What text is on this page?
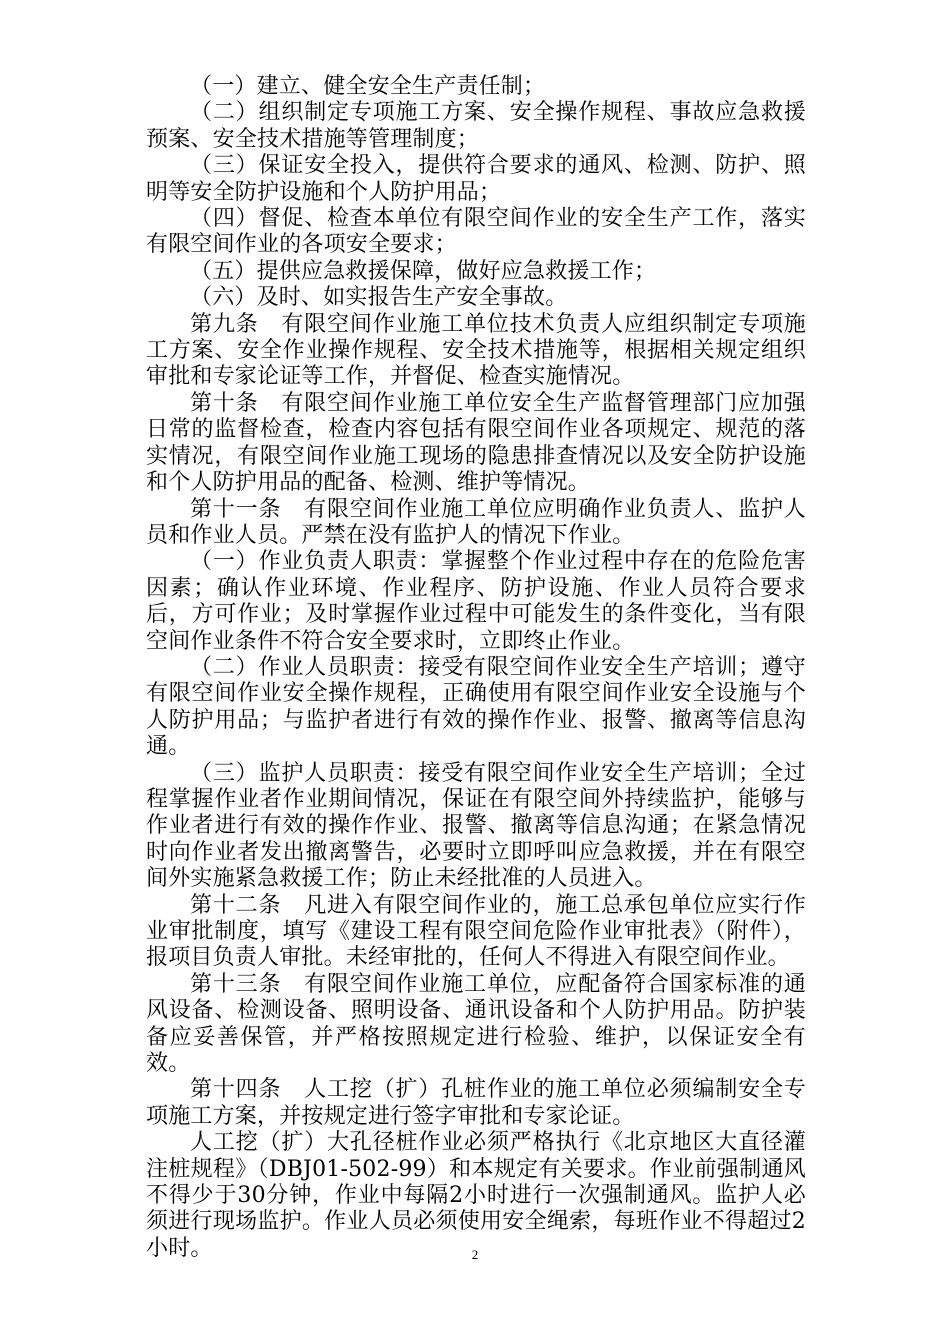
（一）建立、健全安全生产责任制；

（二）组织制定专项施工方案、安全操作规程、事故应急救援预案、安全技术措施等管理制度；

（三）保证安全投入，提供符合要求的通风、检测、防护、照明等安全防护设施和个人防护用品；

（四）督促、检查本单位有限空间作业的安全生产工作，落实有限空间作业的各项安全要求；

（五）提供应急救援保障，做好应急救援工作；

（六）及时、如实报告生产安全事故。

第九条　有限空间作业施工单位技术负责人应组织制定专项施工方案、安全作业操作规程、安全技术措施等，根据相关规定组织审批和专家论证等工作，并督促、检查实施情况。

第十条　有限空间作业施工单位安全生产监督管理部门应加强日常的监督检查，检查内容包括有限空间作业各项规定、规范的落实情况，有限空间作业施工现场的隐患排查情况以及安全防护设施和个人防护用品的配备、检测、维护等情况。

第十一条　有限空间作业施工单位应明确作业负责人、监护人员和作业人员。严禁在没有监护人的情况下作业。

（一）作业负责人职责：掌握整个作业过程中存在的危险危害因素；确认作业环境、作业程序、防护设施、作业人员符合要求后，方可作业；及时掌握作业过程中可能发生的条件变化，当有限空间作业条件不符合安全要求时，立即终止作业。

（二）作业人员职责：接受有限空间作业安全生产培训；遵守有限空间作业安全操作规程，正确使用有限空间作业安全设施与个人防护用品；与监护者进行有效的操作作业、报警、撤离等信息沟通。

（三）监护人员职责：接受有限空间作业安全生产培训；全过程掌握作业者作业期间情况，保证在有限空间外持续监护，能够与作业者进行有效的操作作业、报警、撤离等信息沟通；在紧急情况时向作业者发出撤离警告，必要时立即呼叫应急救援，并在有限空间外实施紧急救援工作；防止未经批准的人员进入。

第十二条　凡进入有限空间作业的，施工总承包单位应实行作业审批制度，填写《建设工程有限空间危险作业审批表》（附件），报项目负责人审批。未经审批的，任何人不得进入有限空间作业。

第十三条　有限空间作业施工单位，应配备符合国家标准的通风设备、检测设备、照明设备、通讯设备和个人防护用品。防护装备应妥善保管，并严格按照规定进行检验、维护，以保证安全有效。

第十四条　人工挖（扩）孔桩作业的施工单位必须编制安全专项施工方案，并按规定进行签字审批和专家论证。

人工挖（扩）大孔径桩作业必须严格执行《北京地区大直径灌注桩规程》（DBJ01-502-99）和本规定有关要求。作业前强制通风不得少于30分钟，作业中每隔2小时进行一次强制通风。监护人必须进行现场监护。作业人员必须使用安全绳索，每班作业不得超过2小时。	2
